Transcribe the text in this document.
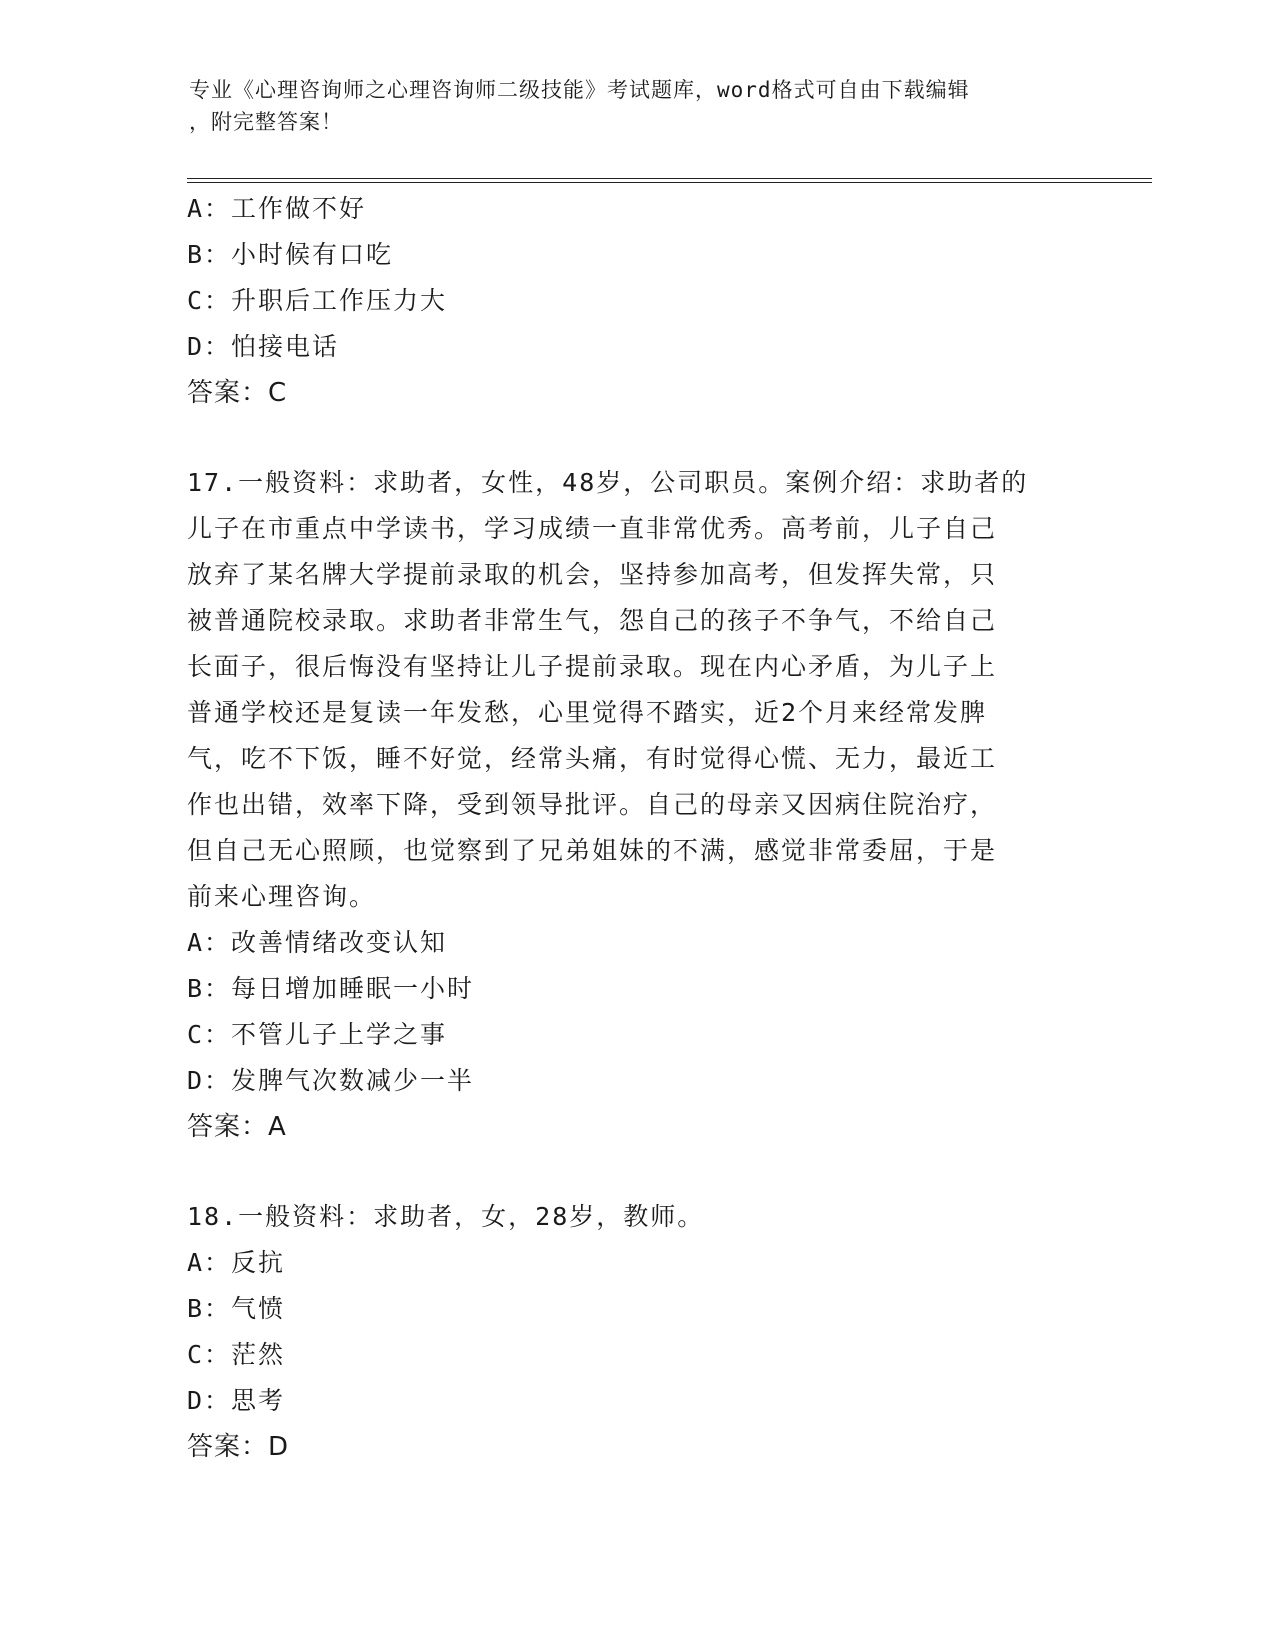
专业《心理咨询师之心理咨询师二级技能》考试题库，word格式可自由下载编辑
，附完整答案！
A：工作做不好
B：小时候有口吃
C：升职后工作压力大
D：怕接电话
答案：C
17.一般资料：求助者，女性，48岁，公司职员。案例介绍：求助者的
儿子在市重点中学读书，学习成绩一直非常优秀。高考前，儿子自己
放弃了某名牌大学提前录取的机会，坚持参加高考，但发挥失常，只
被普通院校录取。求助者非常生气，怨自己的孩子不争气，不给自己
长面子，很后悔没有坚持让儿子提前录取。现在内心矛盾，为儿子上
普通学校还是复读一年发愁，心里觉得不踏实，近2个月来经常发脾
气，吃不下饭，睡不好觉，经常头痛，有时觉得心慌、无力，最近工
作也出错，效率下降，受到领导批评。自己的母亲又因病住院治疗，
但自己无心照顾，也觉察到了兄弟姐妹的不满，感觉非常委屈，于是
前来心理咨询。
A：改善情绪改变认知
B：每日增加睡眠一小时
C：不管儿子上学之事
D：发脾气次数减少一半
答案：A
18.一般资料：求助者，女，28岁，教师。
A：反抗
B：气愤
C：茫然
D：思考
答案：D
